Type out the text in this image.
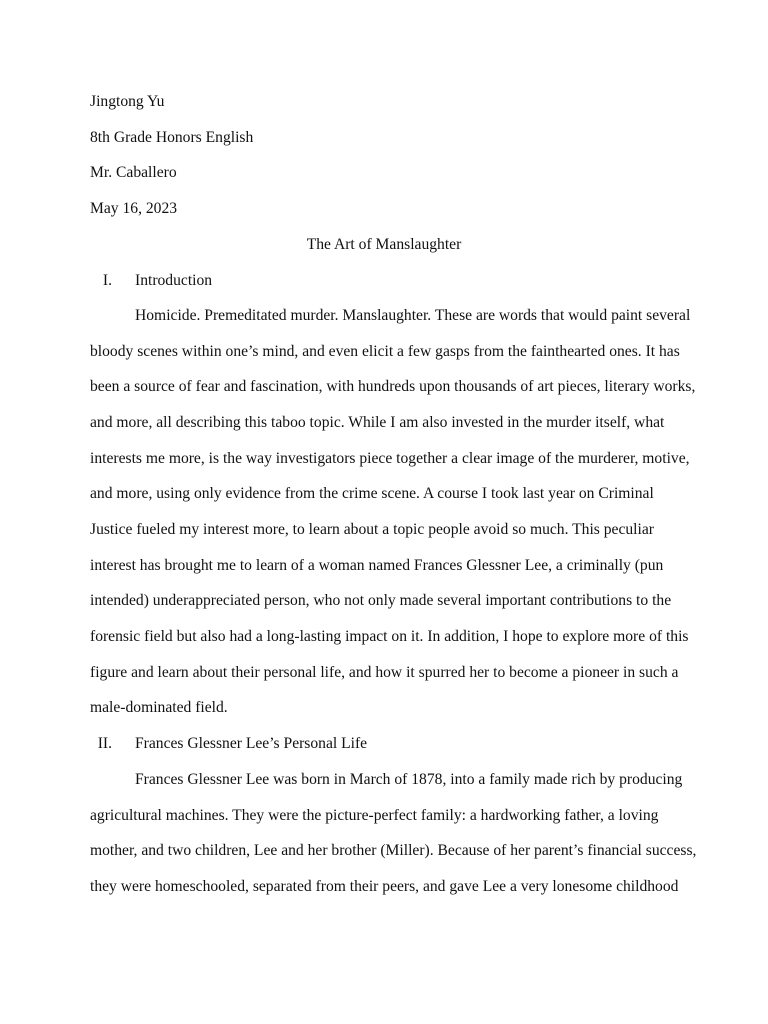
Jingtong Yu
8th Grade Honors English
Mr. Caballero
May 16, 2023
The Art of Manslaughter
I. Introduction
Homicide. Premeditated murder. Manslaughter. These are words that would paint several
bloody scenes within one’s mind, and even elicit a few gasps from the fainthearted ones. It has
been a source of fear and fascination, with hundreds upon thousands of art pieces, literary works,
and more, all describing this taboo topic. While I am also invested in the murder itself, what
interests me more, is the way investigators piece together a clear image of the murderer, motive,
and more, using only evidence from the crime scene. A course I took last year on Criminal
Justice fueled my interest more, to learn about a topic people avoid so much. This peculiar
interest has brought me to learn of a woman named Frances Glessner Lee, a criminally (pun
intended) underappreciated person, who not only made several important contributions to the
forensic field but also had a long-lasting impact on it. In addition, I hope to explore more of this
figure and learn about their personal life, and how it spurred her to become a pioneer in such a
male-dominated field.
II. Frances Glessner Lee’s Personal Life
Frances Glessner Lee was born in March of 1878, into a family made rich by producing
agricultural machines. They were the picture-perfect family: a hardworking father, a loving
mother, and two children, Lee and her brother (Miller). Because of her parent’s financial success,
they were homeschooled, separated from their peers, and gave Lee a very lonesome childhood
